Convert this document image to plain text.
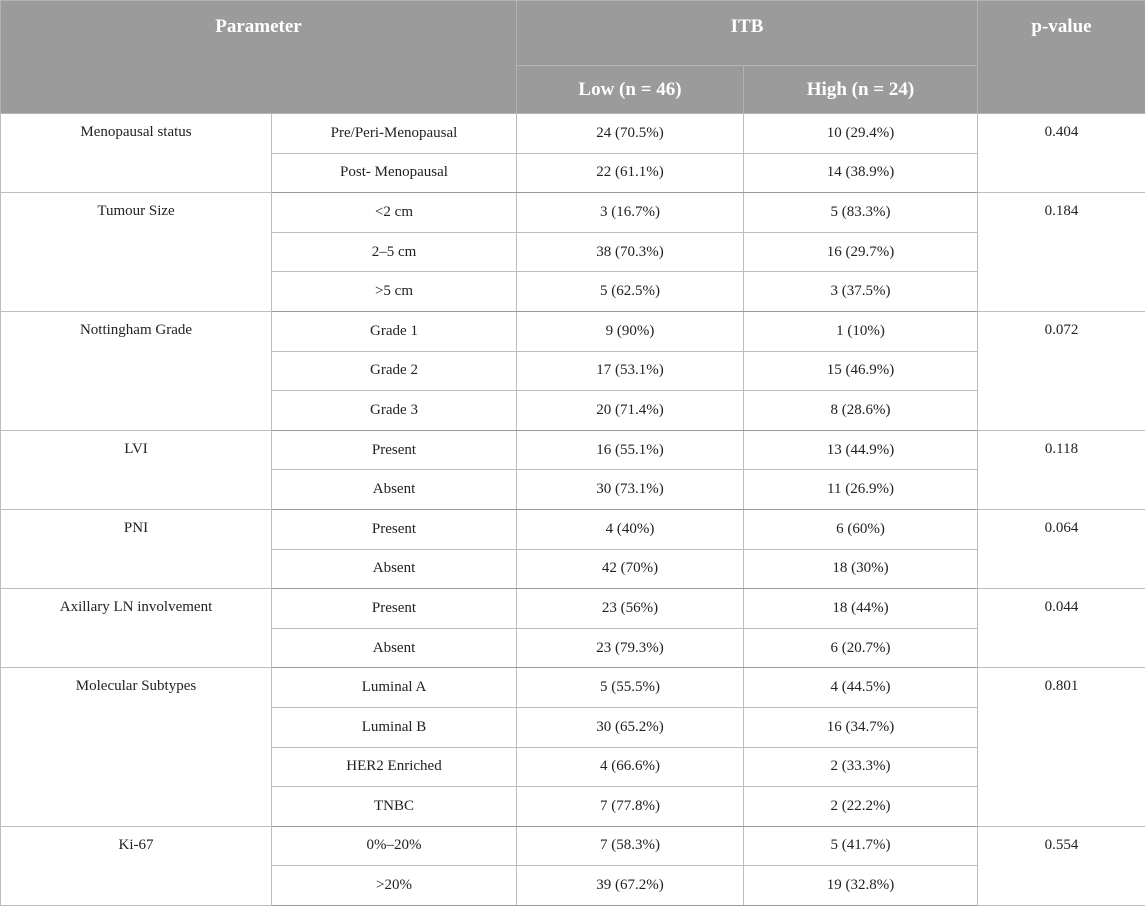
Parameter		ITB		p-value

		Low (n = 46)	High (n = 24)	

Menopausal status	Pre/Peri-Menopausal	24 (70.5%)	10 (29.4%)	0.404
	Post- Menopausal	22 (61.1%)	14 (38.9%)	
Tumour Size	<2 cm	3 (16.7%)	5 (83.3%)	0.184
	2–5 cm	38 (70.3%)	16 (29.7%)	
	>5 cm	5 (62.5%)	3 (37.5%)	
Nottingham Grade	Grade 1	9 (90%)	1 (10%)	0.072
	Grade 2	17 (53.1%)	15 (46.9%)	
	Grade 3	20 (71.4%)	8 (28.6%)	
LVI	Present	16 (55.1%)	13 (44.9%)	0.118
	Absent	30 (73.1%)	11 (26.9%)	
PNI	Present	4 (40%)	6 (60%)	0.064
	Absent	42 (70%)	18 (30%)	
Axillary LN involvement	Present	23 (56%)	18 (44%)	0.044
	Absent	23 (79.3%)	6 (20.7%)	
Molecular Subtypes	Luminal A	5 (55.5%)	4 (44.5%)	0.801
	Luminal B	30 (65.2%)	16 (34.7%)	
	HER2 Enriched	4 (66.6%)	2 (33.3%)	
	TNBC	7 (77.8%)	2 (22.2%)	
Ki-67	0%–20%	7 (58.3%)	5 (41.7%)	0.554
	>20%	39 (67.2%)	19 (32.8%)	
